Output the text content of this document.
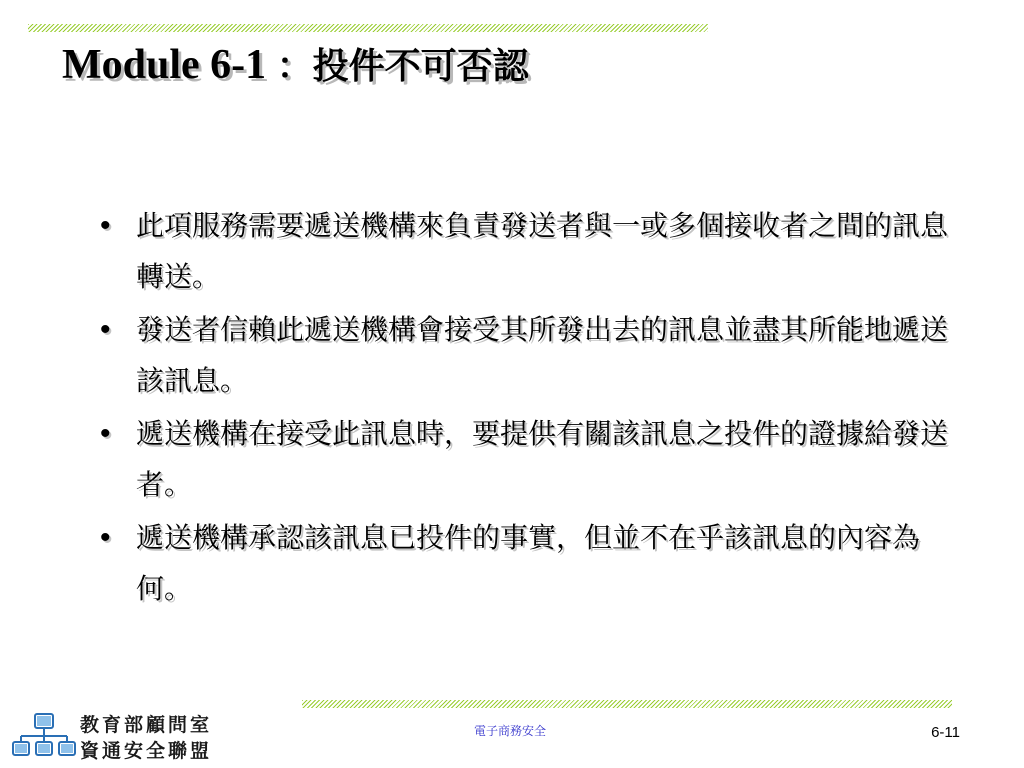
Module 6-1 ：投件不可否認
• 此項服務需要遞送機構來負責發送者與一或多個接收者之間的訊息轉送。
• 發送者信賴此遞送機構會接受其所發出去的訊息並盡其所能地遞送該訊息。
• 遞送機構在接受此訊息時，要提供有關該訊息之投件的證據給發送者。
• 遞送機構承認該訊息已投件的事實，但並不在乎該訊息的內容為何。
教育部顧問室
資通安全聯盟
電子商務安全	6-11
